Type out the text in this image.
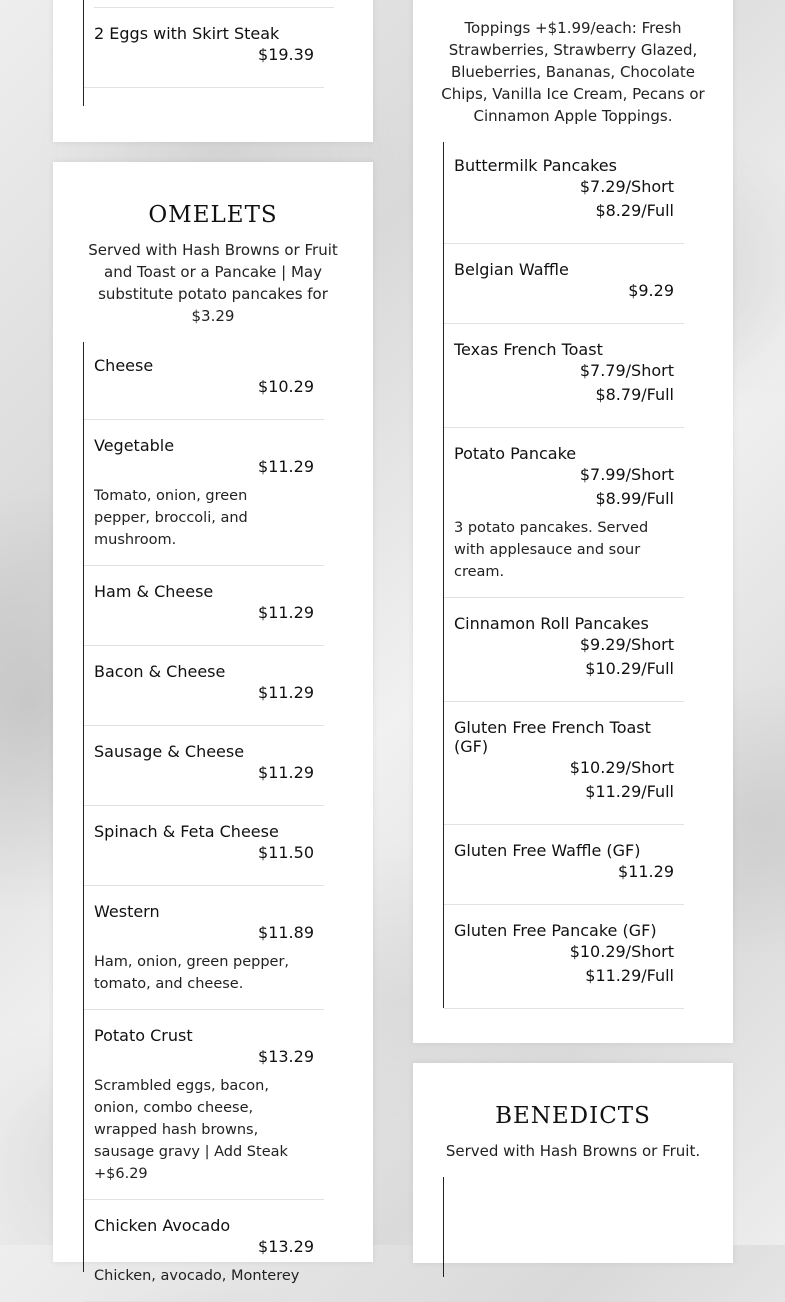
2 Eggs with Skirt Steak
$19.39
OMELETS

Served with Hash Browns or Fruit and Toast or a Pancake | May substitute potato pancakes for $3.29

Cheese
$10.29
Vegetable
$11.29
Tomato, onion, green pepper, broccoli, and mushroom.
Ham & Cheese
$11.29
Bacon & Cheese
$11.29
Sausage & Cheese
$11.29
Spinach & Feta Cheese
$11.50
Western
$11.89
Ham, onion, green pepper, tomato, and cheese.
Potato Crust
$13.29
Scrambled eggs, bacon, onion, combo cheese, wrapped hash browns, sausage gravy | Add Steak +$6.29
Chicken Avocado
$13.29
Chicken, avocado, Monterey

Toppings +$1.99/each: Fresh Strawberries, Strawberry Glazed, Blueberries, Bananas, Chocolate Chips, Vanilla Ice Cream, Pecans or Cinnamon Apple Toppings.

Buttermilk Pancakes
$7.29/Short
$8.29/Full
Belgian Waffle
$9.29
Texas French Toast
$7.79/Short
$8.79/Full
Potato Pancake
$7.99/Short
$8.99/Full
3 potato pancakes. Served with applesauce and sour cream.
Cinnamon Roll Pancakes
$9.29/Short
$10.29/Full
Gluten Free French Toast (GF)
$10.29/Short
$11.29/Full
Gluten Free Waffle (GF)
$11.29
Gluten Free Pancake (GF)
$10.29/Short
$11.29/Full
BENEDICTS

Served with Hash Browns or Fruit.
